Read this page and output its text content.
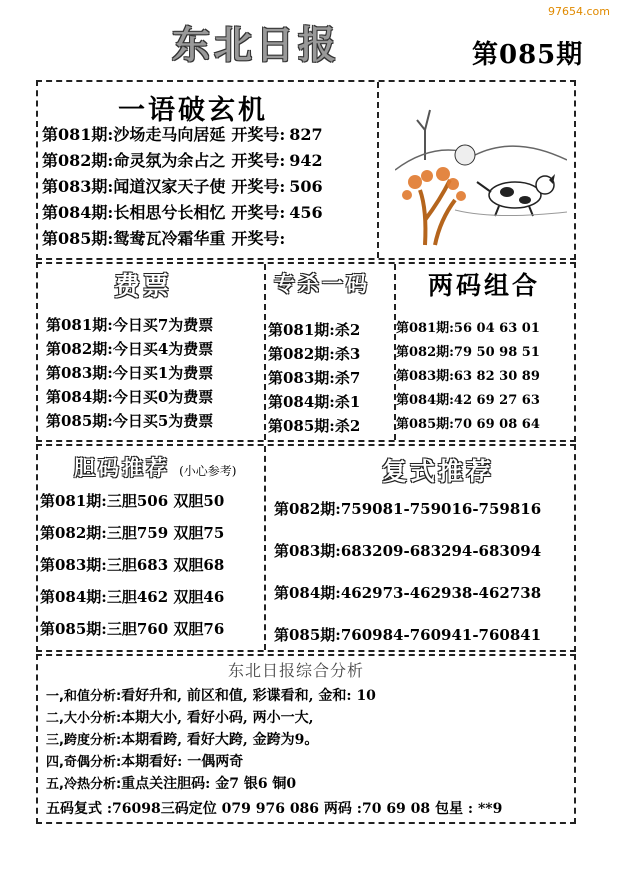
97654.com
东北日报	第085期
一语破玄机
第081期:沙场走马向居延 开奖号: 827
第082期:命灵氛为余占之 开奖号: 942
第083期:闻道汉家天子使 开奖号: 506
第084期:长相思兮长相忆 开奖号: 456
第085期:鸳鸯瓦冷霜华重 开奖号:
费票	专杀一码 两码组合
第081期:今日买7为费票
第082期:今日买4为费票
第083期:今日买1为费票
第084期:今日买0为费票
第085期:今日买5为费票
第081期:杀2
第082期:杀3
第083期:杀7
第084期:杀1
第085期:杀2
第081期:56 04 63 01
第082期:79 50 98 51
第083期:63 82 30 89
第084期:42 69 27 63
第085期:70 69 08 64
胆码推荐 (小心参考)	复式推荐
第081期:三胆506 双胆50
第082期:三胆759 双胆75
第083期:三胆683 双胆68
第084期:三胆462 双胆46
第085期:三胆760 双胆76
第082期:759081-759016-759816
第083期:683209-683294-683094
第084期:462973-462938-462738
第085期:760984-760941-760841
东北日报综合分析
一,和值分析:看好升和, 前区和值, 彩谍看和, 金和: 10
二,大小分析:本期大小, 看好小码, 两小一大,
三,跨度分析:本期看跨, 看好大跨, 金跨为9。
四,奇偶分析:本期看好: 一偶两奇
五,冷热分析:重点关注胆码: 金7 银6 铜0
五码复式 :76098三码定位 079 976 086 两码 :70 69 08 包星 : **9
